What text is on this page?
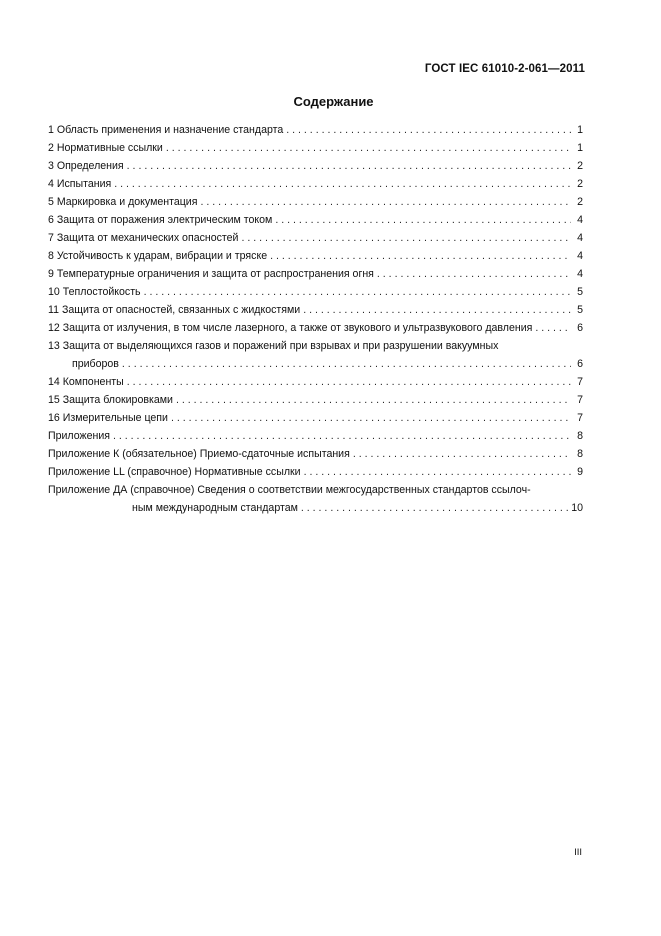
ГОСТ IEC 61010-2-061—2011
Содержание
1 Область применения и назначение стандарта . . .	1
2 Нормативные ссылки . . .	1
3 Определения . . .	2
4 Испытания . . .	2
5 Маркировка и документация . . .	2
6 Защита от поражения электрическим током . . .	4
7 Защита от механических опасностей . . .	4
8 Устойчивость к ударам, вибрации и тряске . . .	4
9 Температурные ограничения и защита от распространения огня . . .	4
10 Теплостойкость . . .	5
11 Защита от опасностей, связанных с жидкостями . . .	5
12 Защита от излучения, в том числе лазерного, а также от звукового и ультразвукового давления . . .	6
13 Защита от выделяющихся газов и поражений при взрывах и при разрушении вакуумных
приборов . . .	6
14 Компоненты . . .	7
15 Защита блокировками . . .	7
16 Измерительные цепи . . .	7
Приложения . . .	8
Приложение К (обязательное) Приемо-сдаточные испытания . . .	8
Приложение LL (справочное) Нормативные ссылки . . .	9
Приложение ДА (справочное) Сведения о соответствии межгосударственных стандартов ссылоч-
ным международным стандартам . . .	10
III
